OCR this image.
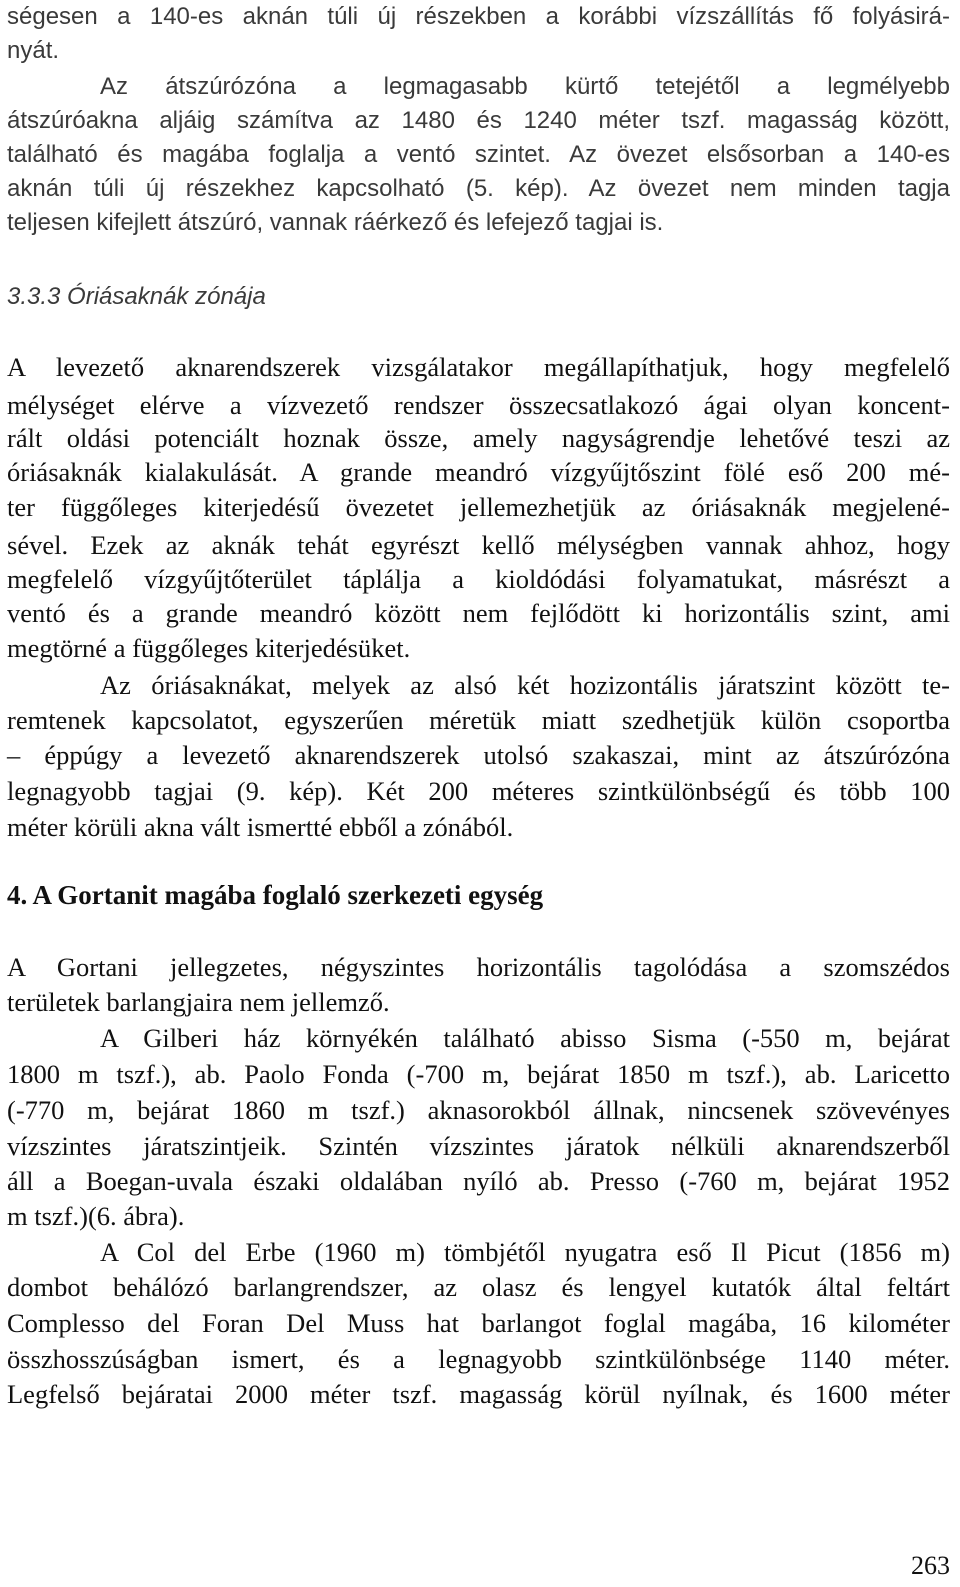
ségesen a 140-es aknán túli új részekben a korábbi vízszállítás fő folyásirá-
nyát.
Az átszúrózóna a legmagasabb kürtő tetejétől a legmélyebb
átszúróakna aljáig számítva az 1480 és 1240 méter tszf. magasság között,
található és magába foglalja a ventó szintet. Az övezet elsősorban a 140-es
aknán túli új részekhez kapcsolható (5. kép). Az övezet nem minden tagja
teljesen kifejlett átszúró, vannak ráérkező és lefejező tagjai is.
3.3.3 Óriásaknák zónája
A levezető aknarendszerek vizsgálatakor megállapíthatjuk, hogy megfelelő
mélységet elérve a vízvezető rendszer összecsatlakozó ágai olyan koncent-
rált oldási potenciált hoznak össze, amely nagyságrendje lehetővé teszi az
óriásaknák kialakulását. A grande meandró vízgyűjtőszint fölé eső 200 mé-
ter függőleges kiterjedésű övezetet jellemezhetjük az óriásaknák megjelené-
sével. Ezek az aknák tehát egyrészt kellő mélységben vannak ahhoz, hogy
megfelelő vízgyűjtőterület táplálja a kioldódási folyamatukat, másrészt a
ventó és a grande meandró között nem fejlődött ki horizontális szint, ami
megtörné a függőleges kiterjedésüket.
Az óriásaknákat, melyek az alsó két hozizontális járatszint között te-
remtenek kapcsolatot, egyszerűen méretük miatt szedhetjük külön csoportba
– éppúgy a levezető aknarendszerek utolsó szakaszai, mint az átszúrózóna
legnagyobb tagjai (9. kép). Két 200 méteres szintkülönbségű és több 100
méter körüli akna vált ismertté ebből a zónából.
4. A Gortanit magába foglaló szerkezeti egység
A Gortani jellegzetes, négyszintes horizontális tagolódása a szomszédos
területek barlangjaira nem jellemző.
A Gilberi ház környékén található abisso Sisma (-550 m, bejárat
1800 m tszf.), ab. Paolo Fonda (-700 m, bejárat 1850 m tszf.), ab. Laricetto
(-770 m, bejárat 1860 m tszf.) aknasorokból állnak, nincsenek szövevényes
vízszintes járatszintjeik. Szintén vízszintes járatok nélküli aknarendszerből
áll a Boegan-uvala északi oldalában nyíló ab. Presso (-760 m, bejárat 1952
m tszf.)(6. ábra).
A Col del Erbe (1960 m) tömbjétől nyugatra eső Il Picut (1856 m)
dombot behálózó barlangrendszer, az olasz és lengyel kutatók által feltárt
Complesso del Foran Del Muss hat barlangot foglal magába, 16 kilométer
összhosszúságban ismert, és a legnagyobb szintkülönbsége 1140 méter.
Legfelső bejáratai 2000 méter tszf. magasság körül nyílnak, és 1600 méter
263
